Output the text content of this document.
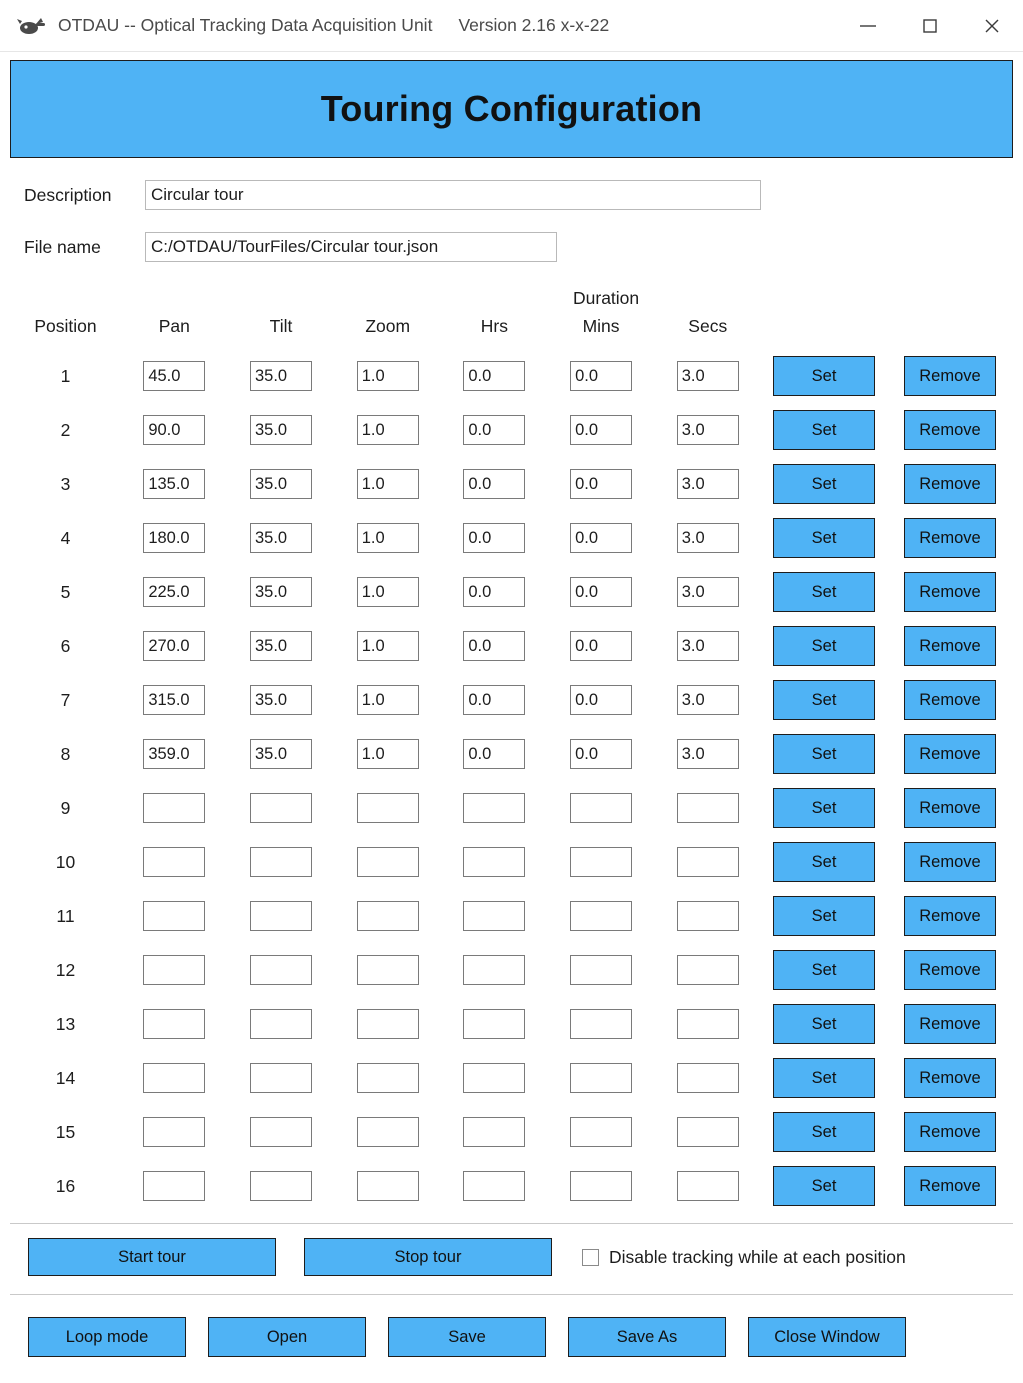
OTDAU -- Optical Tracking Data Acquisition Unit Version 2.16 x-x-22
Touring Configuration
Description	Circular tour
File name	C:/OTDAU/TourFiles/Circular tour.json
Duration
Position	Pan	Tilt	Zoom	Hrs	Mins	Secs		
1	45.0	35.0	1.0	0.0	0.0	3.0	Set	Remove

2	90.0	35.0	1.0	0.0	0.0	3.0	Set	Remove

3	135.0	35.0	1.0	0.0	0.0	3.0	Set	Remove

4	180.0	35.0	1.0	0.0	0.0	3.0	Set	Remove

5	225.0	35.0	1.0	0.0	0.0	3.0	Set	Remove

6	270.0	35.0	1.0	0.0	0.0	3.0	Set	Remove

7	315.0	35.0	1.0	0.0	0.0	3.0	Set	Remove

8	359.0	35.0	1.0	0.0	0.0	3.0	Set	Remove

9							Set	Remove

10							Set	Remove

11							Set	Remove

12							Set	Remove

13							Set	Remove

14							Set	Remove

15							Set	Remove

16							Set	Remove
Start tour	Stop tour	Disable tracking while at each position
Loop mode	Open	Save	Save As	Close Window
